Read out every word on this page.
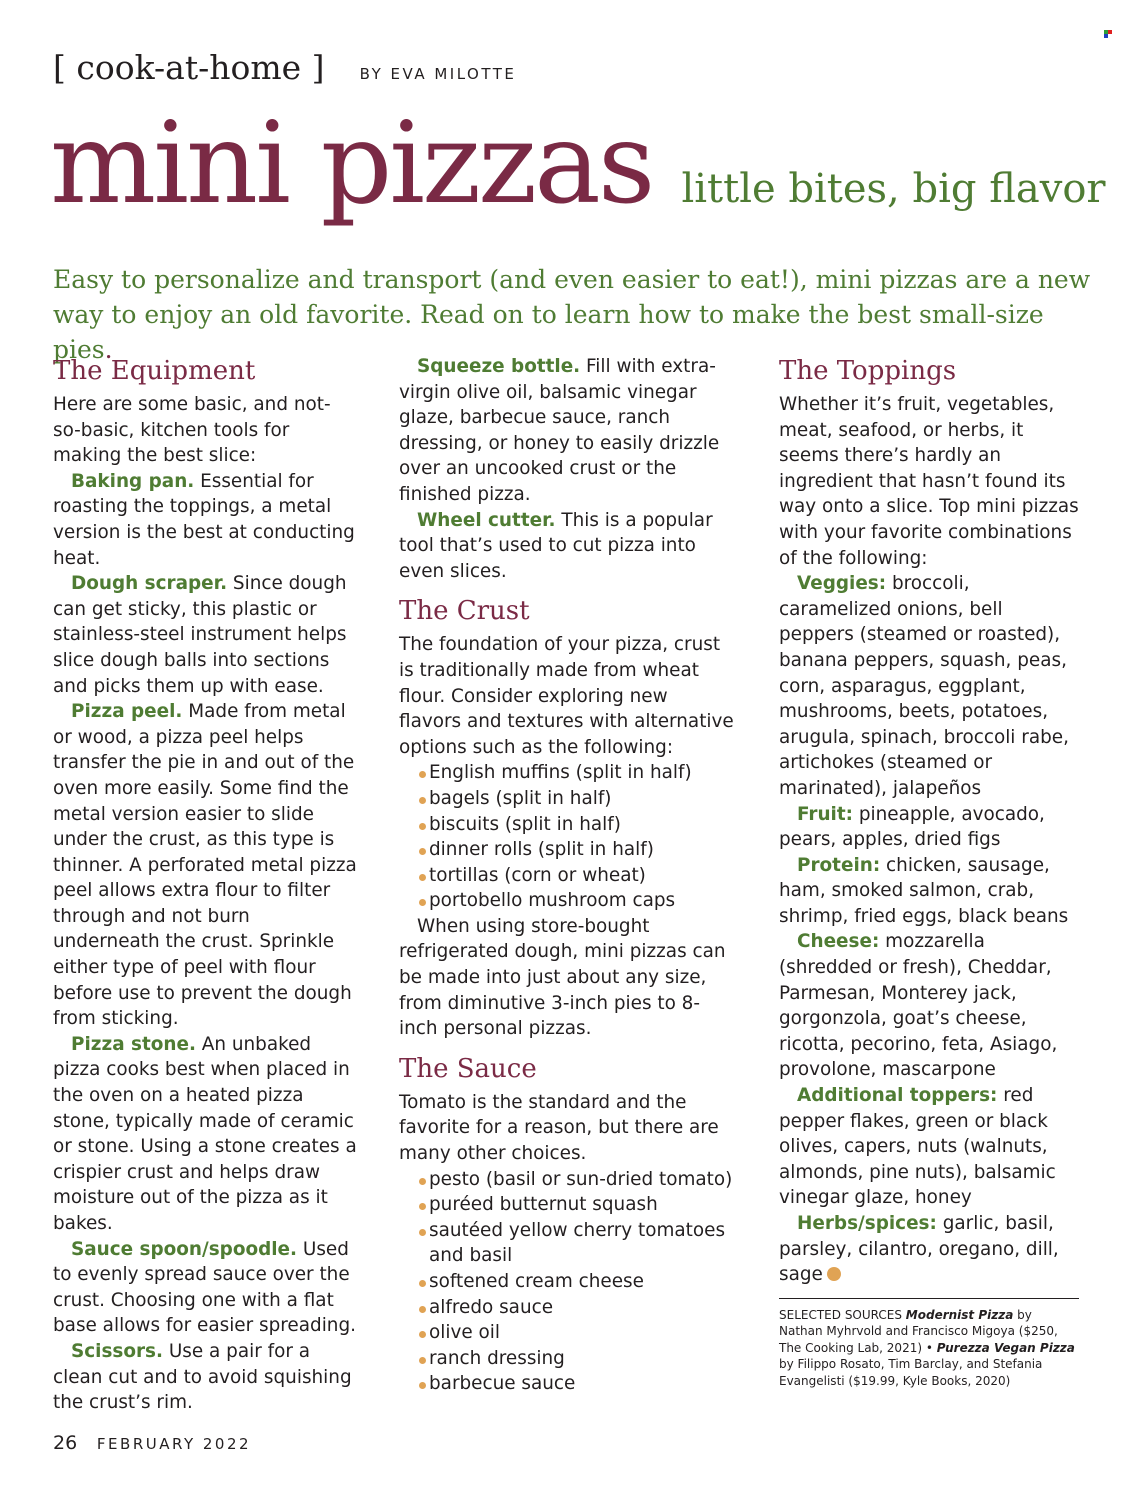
[ cook-at-home ] BY EVA MILOTTE
mini pizzas little bites, big flavor
Easy to personalize and transport (and even easier to eat!), mini pizzas are a new way to enjoy an old favorite. Read on to learn how to make the best small-size pies.
The Equipment

Here are some basic, and not-so-basic, kitchen tools for making the best slice:

Baking pan. Essential for roasting the toppings, a metal version is the best at conducting heat.

Dough scraper. Since dough can get sticky, this plastic or stainless-steel instrument helps slice dough balls into sections and picks them up with ease.

Pizza peel. Made from metal or wood, a pizza peel helps transfer the pie in and out of the oven more easily. Some find the metal version easier to slide under the crust, as this type is thinner. A perforated metal pizza peel allows extra flour to filter through and not burn underneath the crust. Sprinkle either type of peel with flour before use to prevent the dough from sticking.

Pizza stone. An unbaked pizza cooks best when placed in the oven on a heated pizza stone, typically made of ceramic or stone. Using a stone creates a crispier crust and helps draw moisture out of the pizza as it bakes.

Sauce spoon/spoodle. Used to evenly spread sauce over the crust. Choosing one with a flat base allows for easier spreading.

Scissors. Use a pair for a clean cut and to avoid squishing the crust’s rim.

Squeeze bottle. Fill with extra-virgin olive oil, balsamic vinegar glaze, barbecue sauce, ranch dressing, or honey to easily drizzle over an uncooked crust or the finished pizza.

Wheel cutter. This is a popular tool that’s used to cut pizza into even slices.

The Crust

The foundation of your pizza, crust is traditionally made from wheat flour. Consider exploring new flavors and textures with alternative options such as the following:

English muffins (split in half)
bagels (split in half)
biscuits (split in half)
dinner rolls (split in half)
tortillas (corn or wheat)
portobello mushroom caps

When using store-bought refrigerated dough, mini pizzas can be made into just about any size, from diminutive 3-inch pies to 8-inch personal pizzas.

The Sauce

Tomato is the standard and the favorite for a reason, but there are many other choices.

pesto (basil or sun-dried tomato)
puréed butternut squash
sautéed yellow cherry tomatoes and basil
softened cream cheese
alfredo sauce
olive oil
ranch dressing
barbecue sauce
The Toppings

Whether it’s fruit, vegetables, meat, seafood, or herbs, it seems there’s hardly an ingredient that hasn’t found its way onto a slice. Top mini pizzas with your favorite combinations of the following:

Veggies: broccoli, caramelized onions, bell peppers (steamed or roasted), banana peppers, squash, peas, corn, asparagus, eggplant, mushrooms, beets, potatoes, arugula, spinach, broccoli rabe, artichokes (steamed or marinated), jalapeños

Fruit: pineapple, avocado, pears, apples, dried figs

Protein: chicken, sausage, ham, smoked salmon, crab, shrimp, fried eggs, black beans

Cheese: mozzarella (shredded or fresh), Cheddar, Parmesan, Monterey jack, gorgonzola, goat’s cheese, ricotta, pecorino, feta, Asiago, provolone, mascarpone

Additional toppers: red pepper flakes, green or black olives, capers, nuts (walnuts, almonds, pine nuts), balsamic vinegar glaze, honey

Herbs/spices: garlic, basil, parsley, cilantro, oregano, dill, sage

SELECTED SOURCES Modernist Pizza by Nathan Myhrvold and Francisco Migoya ($250, The Cooking Lab, 2021) • Purezza Vegan Pizza by Filippo Rosato, Tim Barclay, and Stefania Evangelisti ($19.99, Kyle Books, 2020)
26 FEBRUARY 2022
